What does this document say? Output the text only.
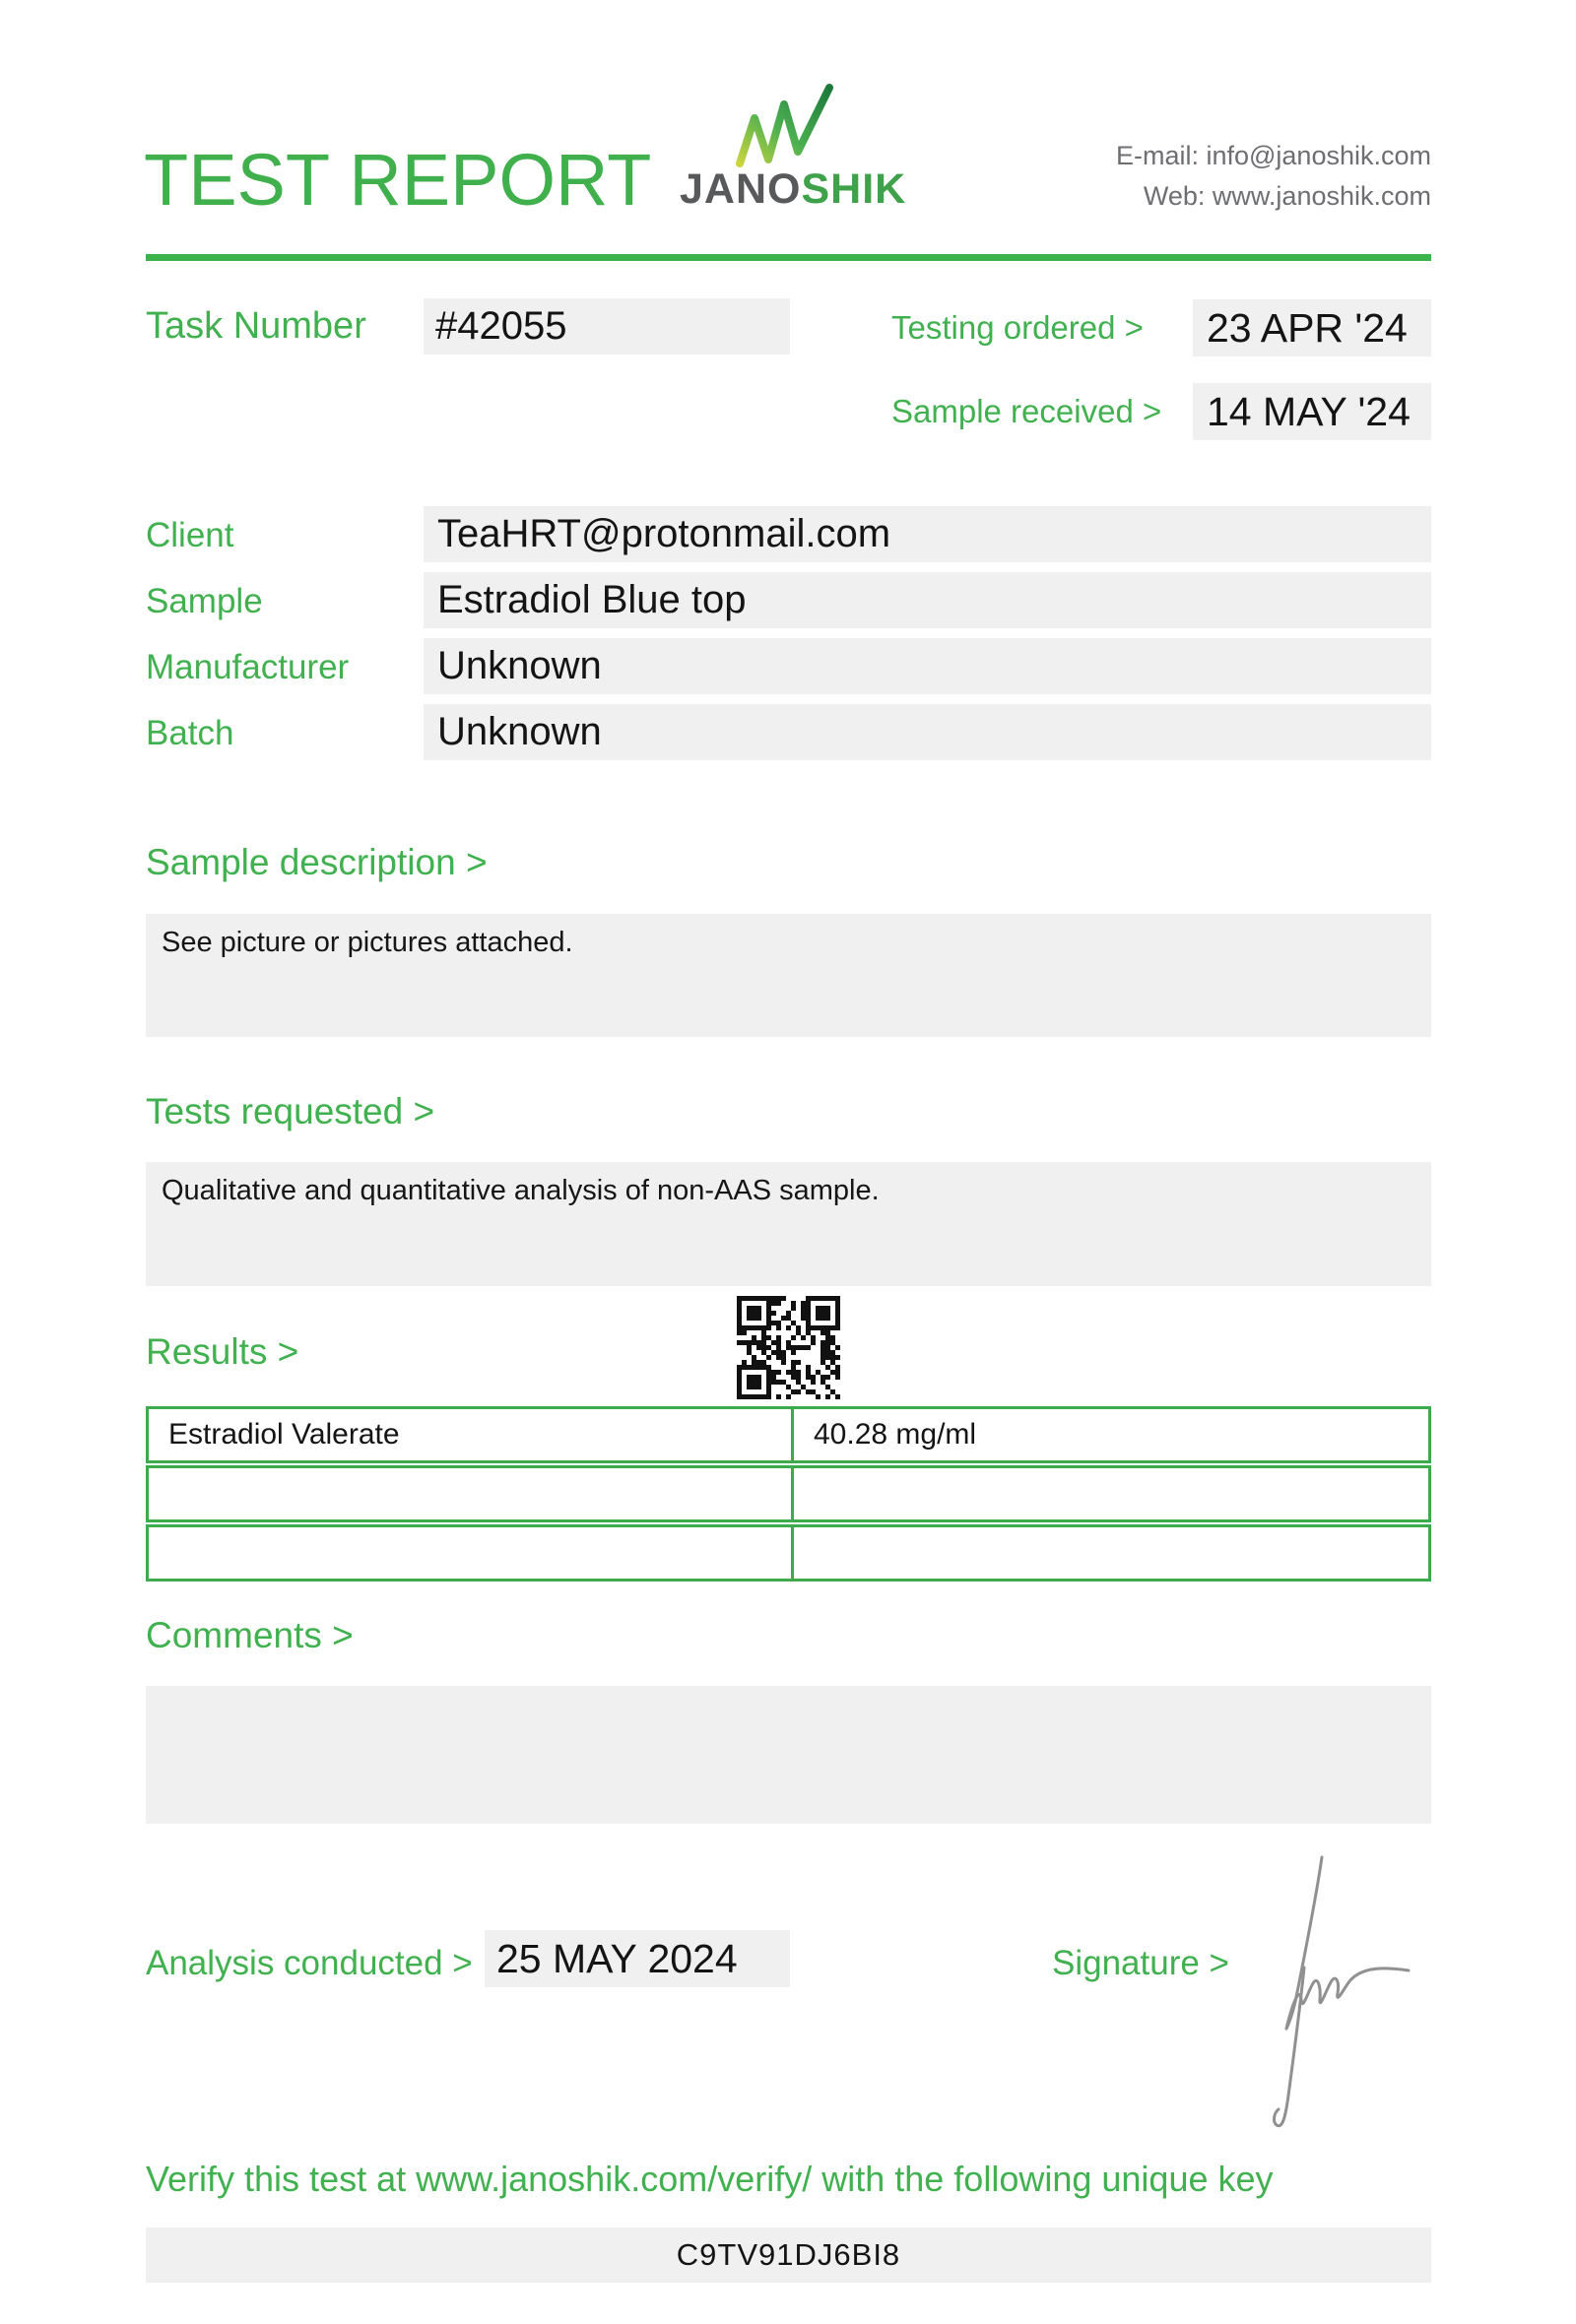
TEST REPORT JANOSHIK
E-mail: info@janoshik.com
Web: www.janoshik.com
Task Number	#42055	Testing ordered >	23 APR '24
Sample received >	14 MAY '24
Client	TeaHRT@protonmail.com
Sample	Estradiol Blue top
Manufacturer	Unknown
Batch	Unknown
Sample description >
See picture or pictures attached.
Tests requested >
Qualitative and quantitative analysis of non-AAS sample.
Results >
Estradiol Valerate	40.28 mg/ml
Comments >
Analysis conducted > 25 MAY 2024	Signature >
Verify this test at www.janoshik.com/verify/ with the following unique key
C9TV91DJ6BI8
